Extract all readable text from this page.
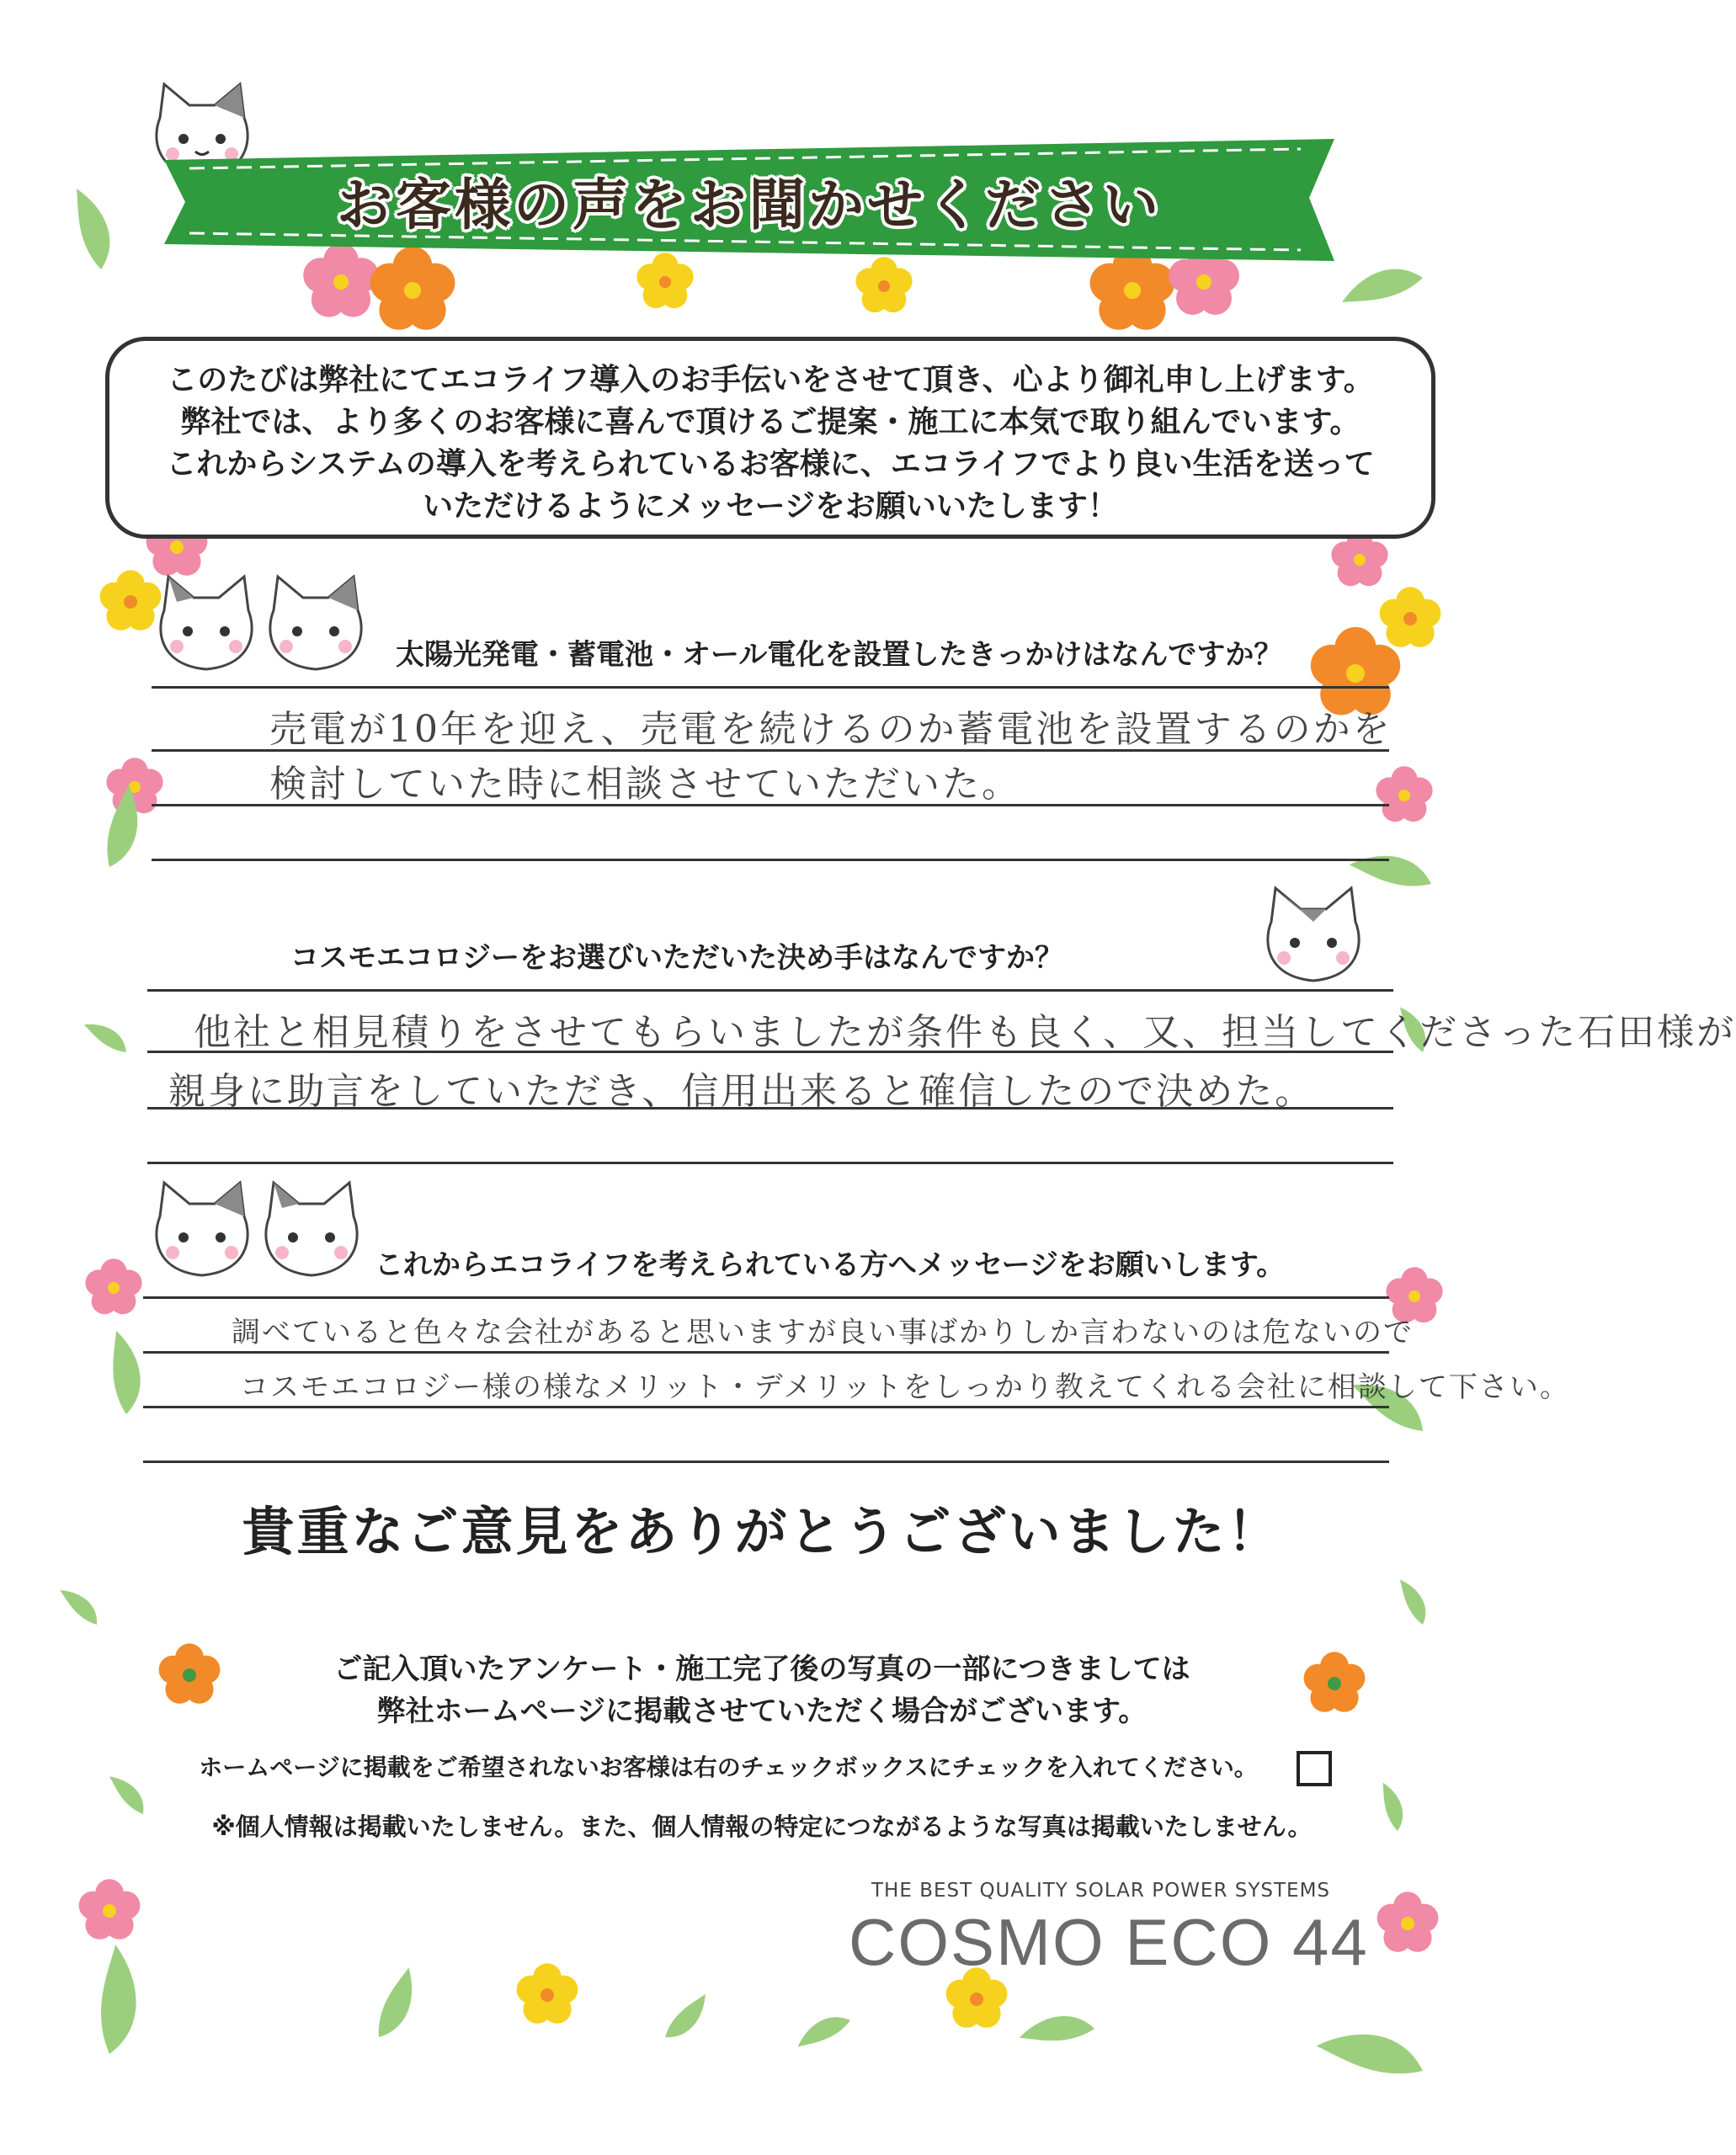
お客様の声をお聞かせください
このたびは弊社にてエコライフ導入のお手伝いをさせて頂き、心より御礼申し上げます。
弊社では、より多くのお客様に喜んで頂けるご提案・施工に本気で取り組んでいます。
これからシステムの導入を考えられているお客様に、エコライフでより良い生活を送って
いただけるようにメッセージをお願いいたします！
太陽光発電・蓄電池・オール電化を設置したきっかけはなんですか？
売電が10年を迎え、売電を続けるのか蓄電池を設置するのかを
検討していた時に相談させていただいた。
コスモエコロジーをお選びいただいた決め手はなんですか？
他社と相見積りをさせてもらいましたが条件も良く、又、担当してくださった石田様が
親身に助言をしていただき、信用出来ると確信したので決めた。
これからエコライフを考えられている方へメッセージをお願いします。
調べていると色々な会社があると思いますが良い事ばかりしか言わないのは危ないので
コスモエコロジー様の様なメリット・デメリットをしっかり教えてくれる会社に相談して下さい。
貴重なご意見をありがとうございました！
ご記入頂いたアンケート・施工完了後の写真の一部につきましては
弊社ホームページに掲載させていただく場合がございます。
ホームページに掲載をご希望されないお客様は右のチェックボックスにチェックを入れてください。
※個人情報は掲載いたしません。また、個人情報の特定につながるような写真は掲載いたしません。
THE BEST QUALITY SOLAR POWER SYSTEMS
COSMO ECO 44
